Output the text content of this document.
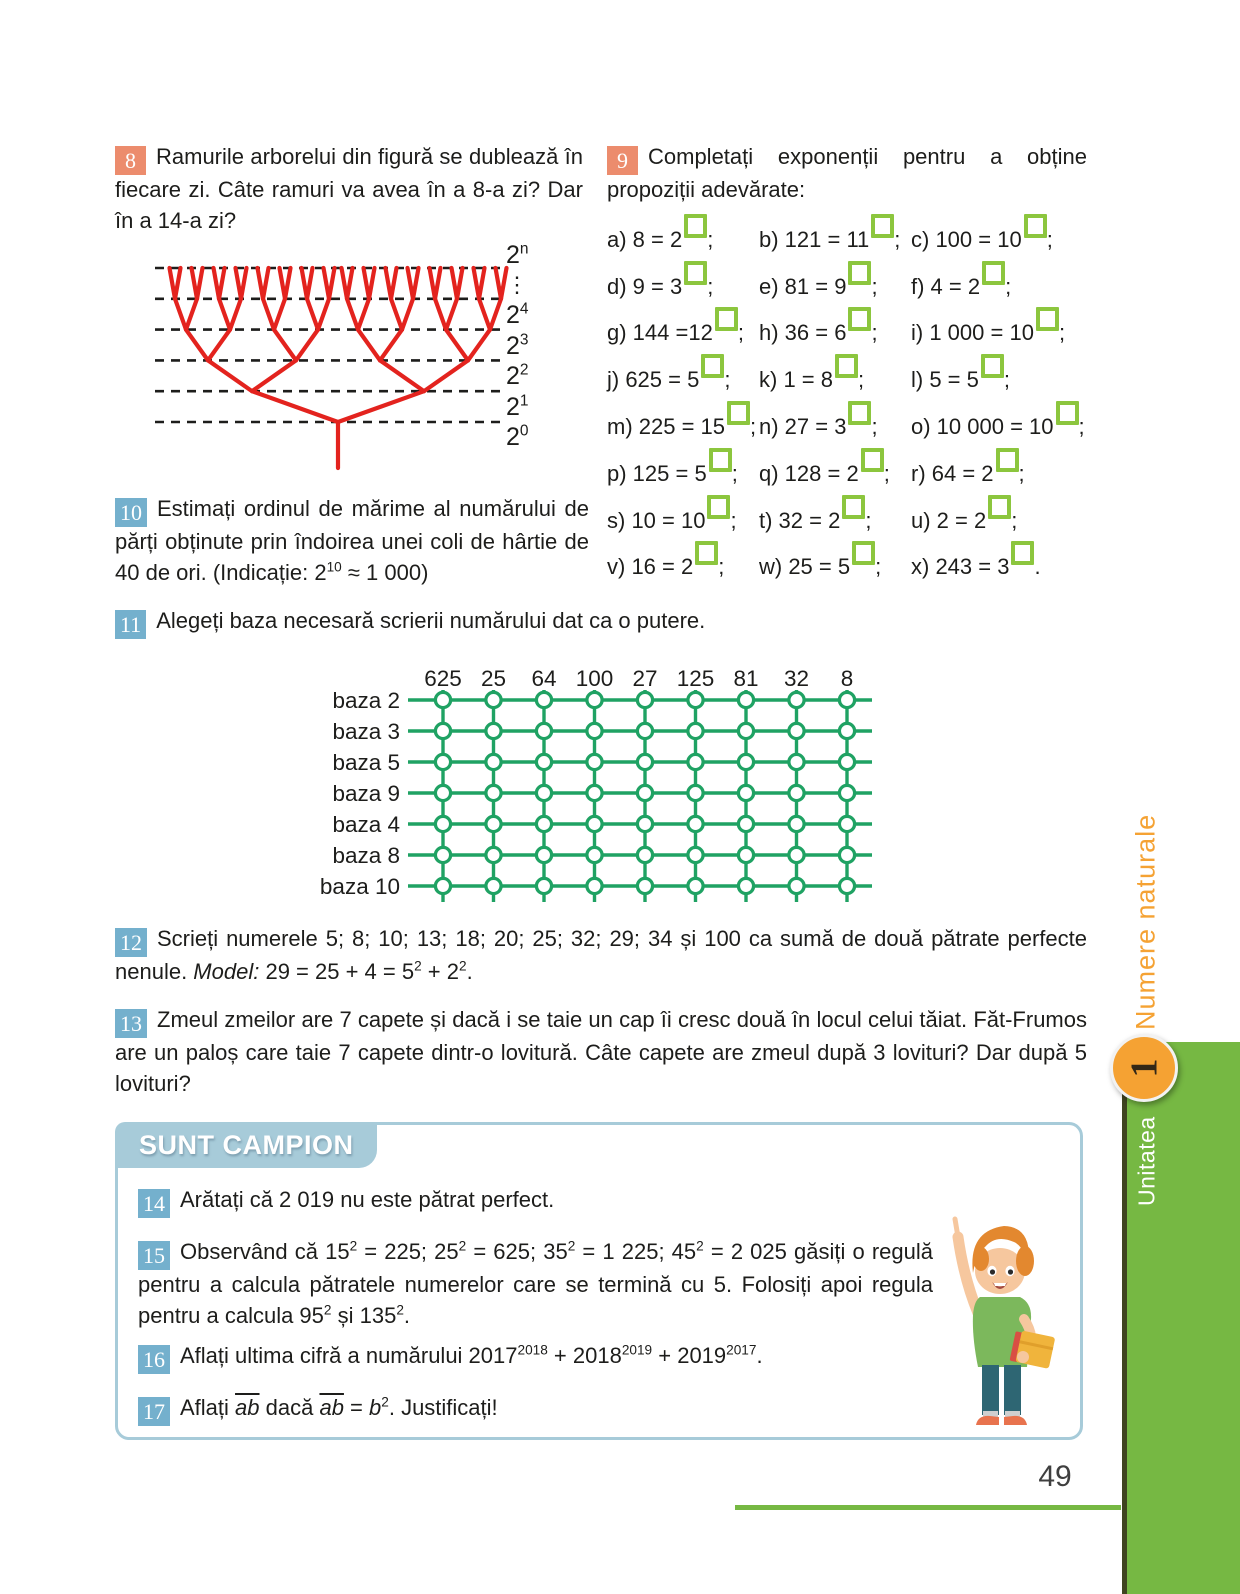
8 Ramurile arborelui din figură se dublează în fiecare zi. Câte ramuri va avea în a 8-a zi? Dar în a 14-a zi?

2$^n$
⋮
$2^4$
$2^3$
$2^2$
$2^1$
$2^0$

10 Estimați ordinul de mărime al numărului de părți obținute prin îndoirea unei coli de hârtie de 40 de ori. (Indicație: $2^{10} \approx 1$ 000)

9 Completați exponenții pentru a obține propoziții adevărate:

a) 8 = 2 ;	b) 121 = 11 ; c) 100 = 10 ;
d) 9 = 3 ;	e) 81 = 9 ;	f) 4 = 2 ;
g) 144 =12 ; h) 36 = 6 ;	i) 1 000 = 10 ;
j) 625 = 5 ;	k) 1 = 8 ;	l) 5 = 5 ;
m) 225 = 15 ; n) 27 = 3 ;	o) 10 000 = 10 ;
p) 125 = 5 ; q) 128 = 2 ; r) 64 = 2 ;
s) 10 = 10 ;	t) 32 = 2 ;	u) 2 = 2 ;
v) 16 = 2 ;	w) 25 = 5 ;	x) 243 = 3 .

11 Alegeți baza necesară scrierii numărului dat ca o putere.

625 25 64 100 27 125 81 32 8
baza 2
baza 3
baza 5
baza 9
baza 4
baza 8
baza 10

12 Scrieți numerele 5; 8; 10; 13; 18; 20; 25; 32; 29; 34 și 100 ca sumă de două pătrate perfecte nenule. Model: $29 = 25 + 4 = 5^2 + 2^2$.

13 Zmeul zmeilor are 7 capete și dacă i se taie un cap îi cresc două în locul celui tăiat. Făt-Frumos are un paloș care taie 7 capete dintr-o lovitură. Câte capete are zmeul după 3 lovituri? Dar după 5 lovituri?

SUNT CAMPION

14 Arătați că 2 019 nu este pătrat perfect.

15 Observând că $15^2 = 225$; $25^2 = 625$; $35^2 = 1$ 225; $45^2 = 2$ 025 găsiți o regulă pentru a calcula pătratele numerelor care se termină cu 5. Folosiți apoi regula pentru a calcula $95^2$ și $135^2$.

16 Aflați ultima cifră a numărului $2017^{2018} + 2018^{2019} + 2019^{2017}$.

17 Aflați $\overline{ab}$ dacă $\overline{ab} = b^2$. Justificați!

49
Numere naturale
1
Unitatea
